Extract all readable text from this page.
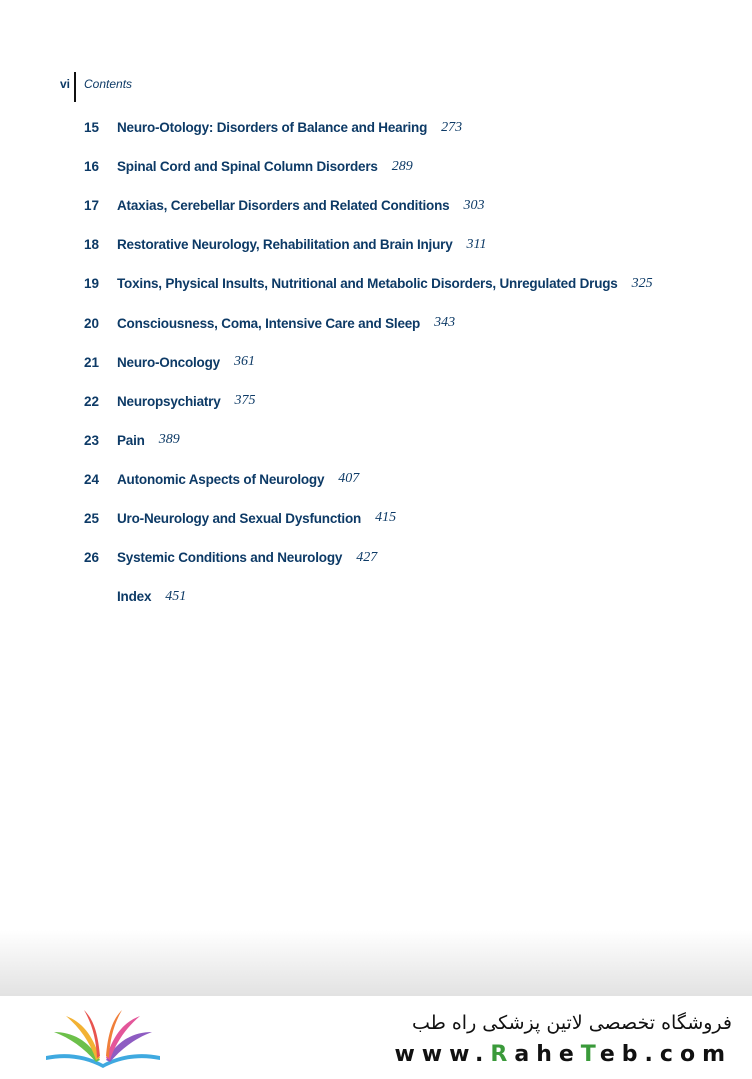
vi	Contents
15	Neuro-Otology: Disorders of Balance and Hearing 273
16	Spinal Cord and Spinal Column Disorders 289
17	Ataxias, Cerebellar Disorders and Related Conditions 303
18	Restorative Neurology, Rehabilitation and Brain Injury 311
19	Toxins, Physical Insults, Nutritional and Metabolic Disorders, Unregulated Drugs 325
20	Consciousness, Coma, Intensive Care and Sleep 343
21	Neuro-Oncology 361
22	Neuropsychiatry 375
23	Pain 389
24	Autonomic Aspects of Neurology 407
25	Uro-Neurology and Sexual Dysfunction 415
26	Systemic Conditions and Neurology 427
Index 451
فروشگاه تخصصی لاتین پزشکی راه طب
www.RaheTeb.com
